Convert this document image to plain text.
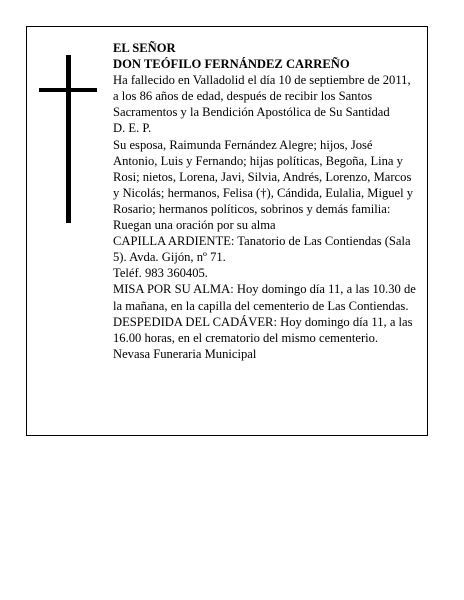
EL SEÑOR

DON TEÓFILO FERNÁNDEZ CARREÑO

Ha fallecido en Valladolid el día 10 de septiembre de 2011, a los 86 años de edad, después de recibir los Santos Sacramentos y la Bendición Apostólica de Su Santidad

D. E. P.

Su esposa, Raimunda Fernández Alegre; hijos, José Antonio, Luis y Fernando; hijas políticas, Begoña, Lina y Rosi; nietos, Lorena, Javi, Silvia, Andrés, Lorenzo, Marcos y Nicolás; hermanos, Felisa (†), Cándida, Eulalia, Miguel y Rosario; hermanos políticos, sobrinos y demás familia:

Ruegan una oración por su alma

CAPILLA ARDIENTE: Tanatorio de Las Contiendas (Sala 5). Avda. Gijón, nº 71.

Teléf. 983 360405.

MISA POR SU ALMA: Hoy domingo día 11, a las 10.30 de la mañana, en la capilla del cementerio de Las Contiendas.

DESPEDIDA DEL CADÁVER: Hoy domingo día 11, a las 16.00 horas, en el crematorio del mismo cementerio.

Nevasa Funeraria Municipal
